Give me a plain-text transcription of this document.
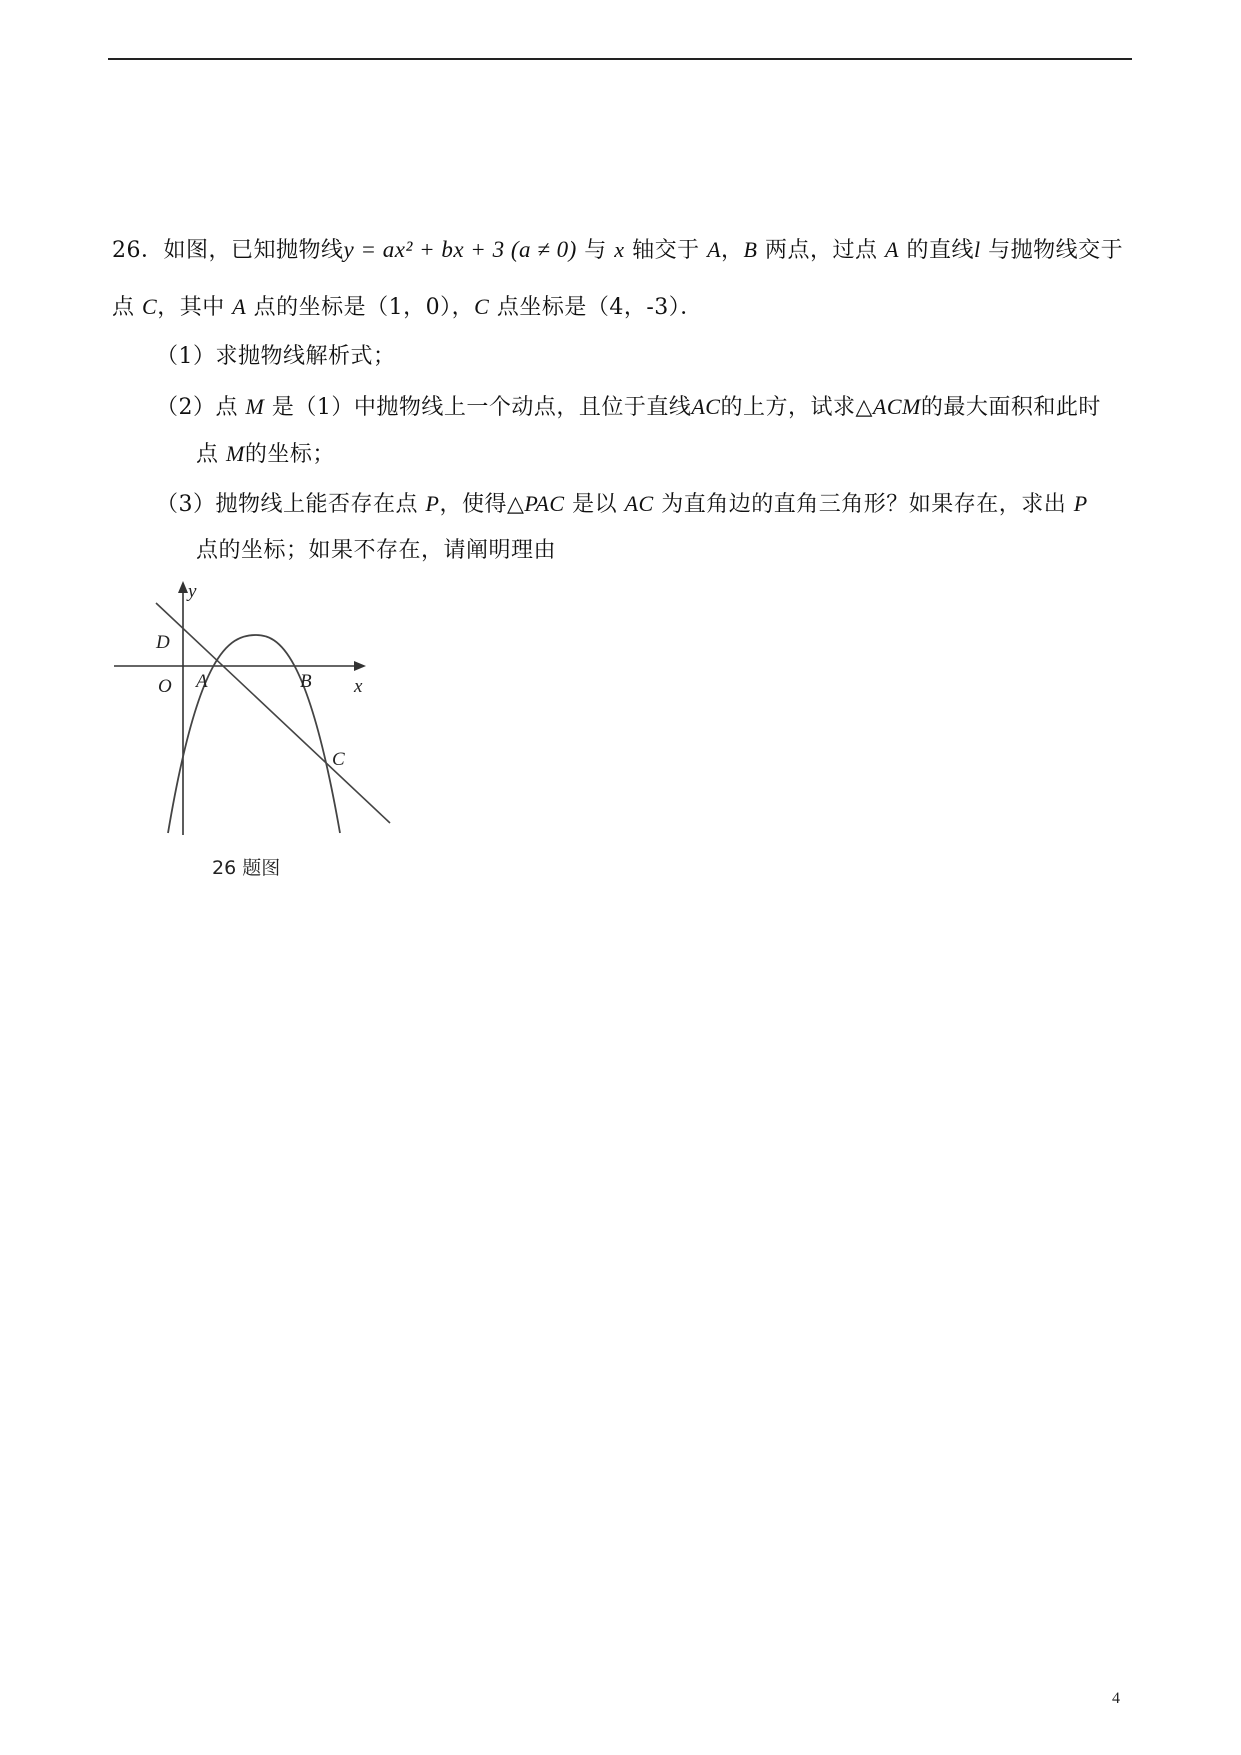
26．如图，已知抛物线y = ax² + bx + 3 (a ≠ 0) 与 x 轴交于 A，B 两点，过点 A 的直线l 与抛物线交于
点 C，其中 A 点的坐标是（1，0），C 点坐标是（4，-3）．
（1）求抛物线解析式；
（2）点 M 是（1）中抛物线上一个动点，且位于直线AC的上方，试求△ACM的最大面积和此时
点 M的坐标；
（3）抛物线上能否存在点 P，使得△PAC 是以 AC 为直角边的直角三角形？如果存在，求出 P
点的坐标；如果不存在，请阐明理由
y
x
D
O A	B
C
26 题图
4
